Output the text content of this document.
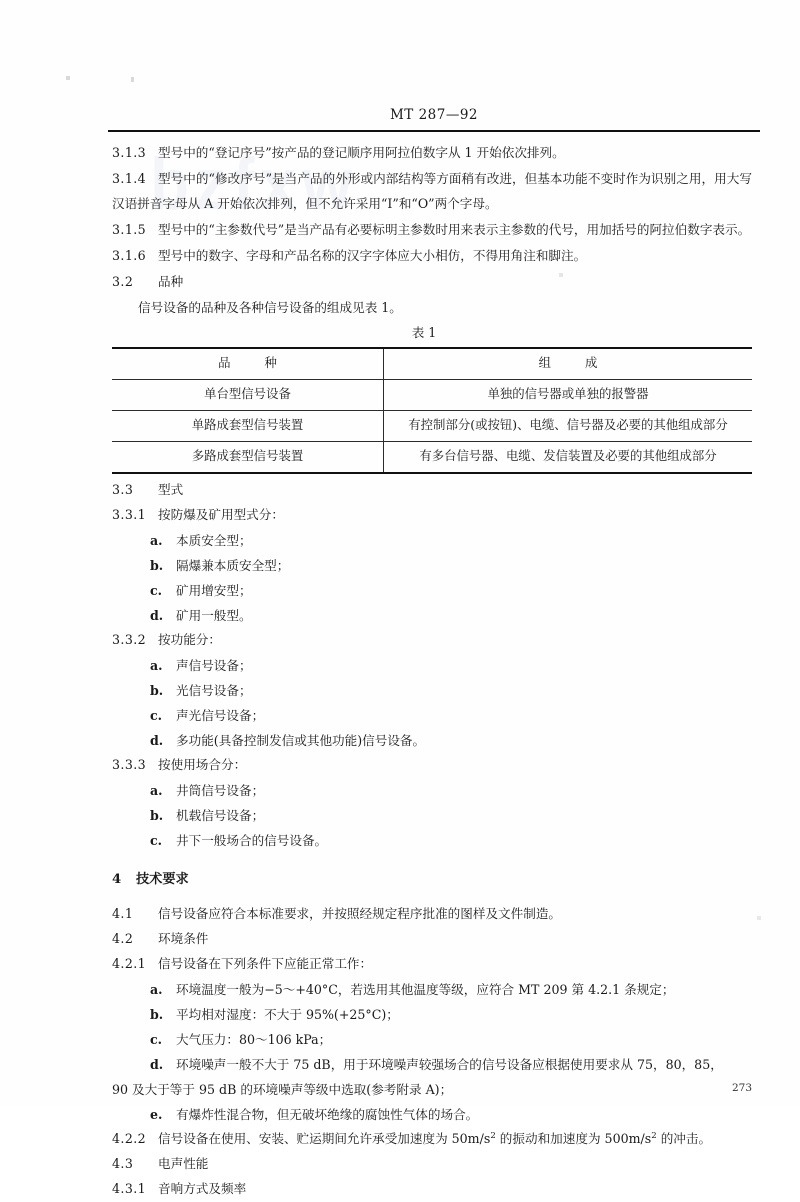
MT 287—92

3.1.3 型号中的“登记序号”按产品的登记顺序用阿拉伯数字从 1 开始依次排列。

3.1.4 型号中的“修改序号”是当产品的外形或内部结构等方面稍有改进，但基本功能不变时作为识别之用，用大写汉语拼音字母从 A 开始依次排列，但不允许采用“I”和“O”两个字母。

3.1.5 型号中的“主参数代号”是当产品有必要标明主参数时用来表示主参数的代号，用加括号的阿拉伯数字表示。

3.1.6 型号中的数字、字母和产品名称的汉字字体应大小相仿，不得用角注和脚注。

3.2 品种

信号设备的品种及各种信号设备的组成见表 1。

表 1
品 种	组 成
单台型信号设备	单独的信号器或单独的报警器
单路成套型信号装置	有控制部分(或按钮)、电缆、信号器及必要的其他组成部分
多路成套型信号装置	有多台信号器、电缆、发信装置及必要的其他组成部分

3.3 型式

3.3.1 按防爆及矿用型式分：

a. 本质安全型；

b. 隔爆兼本质安全型；

c. 矿用增安型；

d. 矿用一般型。

3.3.2 按功能分：

a. 声信号设备；

b. 光信号设备；

c. 声光信号设备；

d. 多功能(具备控制发信或其他功能)信号设备。

3.3.3 按使用场合分：

a. 井筒信号设备；

b. 机载信号设备；

c. 井下一般场合的信号设备。

4 技术要求

4.1 信号设备应符合本标准要求，并按照经规定程序批准的图样及文件制造。

4.2 环境条件

4.2.1 信号设备在下列条件下应能正常工作：

a. 环境温度一般为−5～+40°C，若选用其他温度等级，应符合 MT 209 第 4.2.1 条规定；

b. 平均相对湿度：不大于 95%(+25°C)；

c. 大气压力：80～106 kPa；

d. 环境噪声一般不大于 75 dB，用于环境噪声较强场合的信号设备应根据使用要求从 75，80，85，

90 及大于等于 95 dB 的环境噪声等级中选取(参考附录 A)；

e. 有爆炸性混合物，但无破坏绝缘的腐蚀性气体的场合。

4.2.2 信号设备在使用、安装、贮运期间允许承受加速度为 $50m/s^2$ 的振动和加速度为 $500m/s^2$ 的冲击。

4.3 电声性能

4.3.1 音响方式及频率

273
